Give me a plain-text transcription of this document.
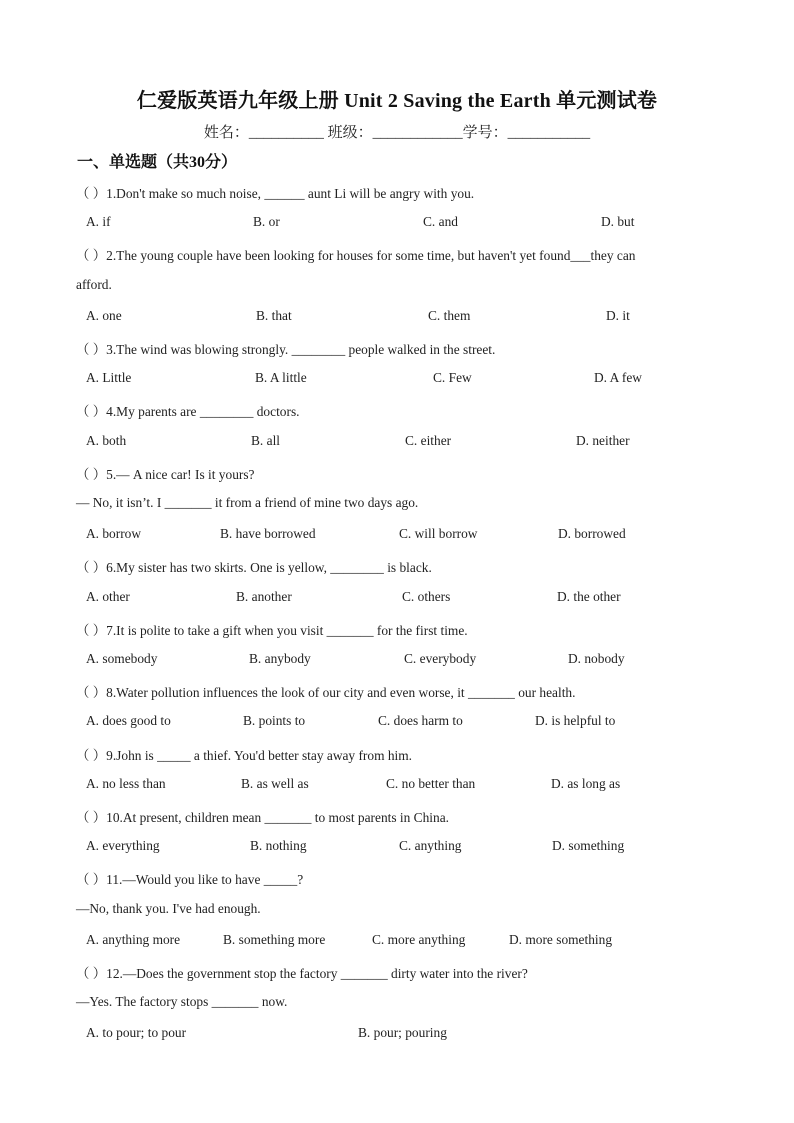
仁爱版英语九年级上册 Unit 2 Saving the Earth 单元测试卷
姓名：__________ 班级：____________学号：___________
一、单选题（共30分）
（ ）1.Don't make so much noise, ______ aunt Li will be angry with you.
A. if	B. or	C. and	D. but
（ ）2.The young couple have been looking for houses for some time, but haven't yet found___they can
afford.
A. one	B. that	C. them	D. it
（ ）3.The wind was blowing strongly. ________ people walked in the street.
A. Little	B. A little	C. Few	D. A few
（ ）4.My parents are ________ doctors.
A. both	B. all	C. either	D. neither
（ ）5.— A nice car! Is it yours?
— No, it isn’t. I _______ it from a friend of mine two days ago.
A. borrow	B. have borrowed	C. will borrow	D. borrowed
（ ）6.My sister has two skirts. One is yellow, ________ is black.
A. other	B. another	C. others	D. the other
（ ）7.It is polite to take a gift when you visit _______ for the first time.
A. somebody	B. anybody	C. everybody	D. nobody
（ ）8.Water pollution influences the look of our city and even worse, it _______ our health.
A. does good to	B. points to	C. does harm to	D. is helpful to
（ ）9.John is _____ a thief. You'd better stay away from him.
A. no less than	B. as well as	C. no better than	D. as long as
（ ）10.At present, children mean _______ to most parents in China.
A. everything	B. nothing	C. anything	D. something
（ ）11.—Would you like to have _____?
—No, thank you. I've had enough.
A. anything more	B. something more	C. more anything	D. more something
（ ）12.—Does the government stop the factory _______ dirty water into the river?
—Yes. The factory stops _______ now.
A. to pour; to pour	B. pour; pouring
